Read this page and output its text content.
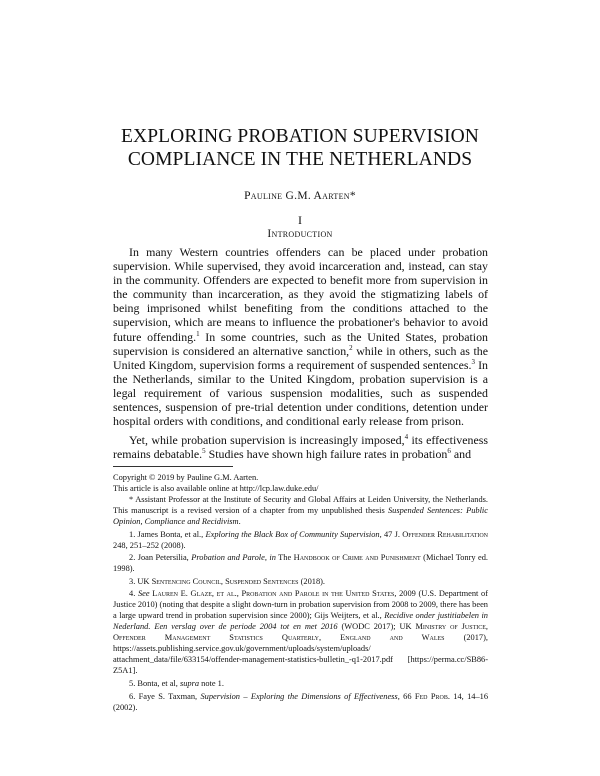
EXPLORING PROBATION SUPERVISION
COMPLIANCE IN THE NETHERLANDS
Pauline G.M. Aarten*
I
Introduction

In many Western countries offenders can be placed under probation supervision. While supervised, they avoid incarceration and, instead, can stay in the community. Offenders are expected to benefit more from supervision in the community than incarceration, as they avoid the stigmatizing labels of being imprisoned whilst benefiting from the conditions attached to the supervision, which are means to influence the probationer's behavior to avoid future offending.$^1$ In some countries, such as the United States, probation supervision is considered an alternative sanction,$^2$ while in others, such as the United Kingdom, supervision forms a requirement of suspended sentences.$^3$ In the Netherlands, similar to the United Kingdom, probation supervision is a legal requirement of various suspension modalities, such as suspended sentences, suspension of pre-trial detention under conditions, detention under hospital orders with conditions, and conditional early release from prison.

Yet, while probation supervision is increasingly imposed,$^4$ its effectiveness remains debatable.$^5$ Studies have shown high failure rates in probation$^6$ and

Copyright © 2019 by Pauline G.M. Aarten.

This article is also available online at http://lcp.law.duke.edu/

* Assistant Professor at the Institute of Security and Global Affairs at Leiden University, the Netherlands. This manuscript is a revised version of a chapter from my unpublished thesis Suspended Sentences: Public Opinion, Compliance and Recidivism.

1. James Bonta, et al., Exploring the Black Box of Community Supervision, 47 J. Offender Rehabilitation 248, 251–252 (2008).

2. Joan Petersilia, Probation and Parole, in The Handbook of Crime and Punishment (Michael Tonry ed. 1998).

3. UK Sentencing Council, Suspended Sentences (2018).

4. See Lauren E. Glaze, et al., Probation and Parole in the United States, 2009 (U.S. Department of Justice 2010) (noting that despite a slight down-turn in probation supervision from 2008 to 2009, there has been a large upward trend in probation supervision since 2000); Gijs Weijters, et al., Recidive onder justitiabelen in Nederland. Een verslag over de periode 2004 tot en met 2016 (WODC 2017); UK Ministry of Justice, Offender Management Statistics Quarterly, England and Wales (2017), https://assets.publishing.service.gov.uk/government/uploads/system/uploads/ attachment_data/file/633154/offender-management-statistics-bulletin_-q1-2017.pdf [https://perma.cc/SB86-Z5A1].

5. Bonta, et al, supra note 1.

6. Faye S. Taxman, Supervision – Exploring the Dimensions of Effectiveness, 66 Fed Prob. 14, 14–16 (2002).
